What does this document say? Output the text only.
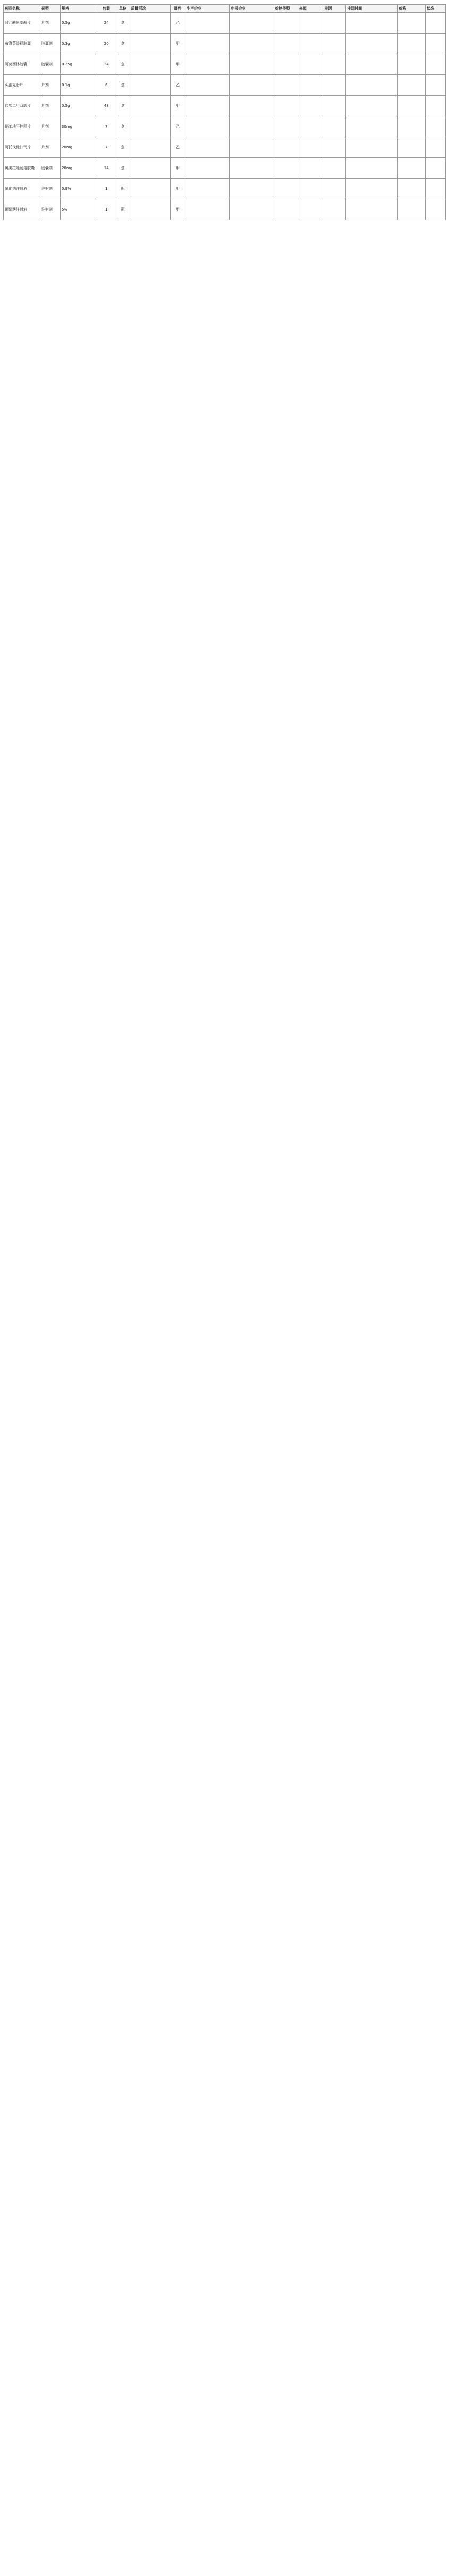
药品名称	剂型	规格	包装	单位	质量层次	属性	生产企业	申报企业	价格类型	来源	挂网	挂网时间	价格	状态
对乙酰氨基酚片	片剂	0.5g	24	盒		乙								
布洛芬缓释胶囊	胶囊剂	0.3g	20	盒		甲								
阿莫西林胶囊	胶囊剂	0.25g	24	盒		甲								
头孢克肟片	片剂	0.1g	6	盒		乙								
盐酸二甲双胍片	片剂	0.5g	48	盒		甲								
硝苯地平控释片	片剂	30mg	7	盒		乙								
阿托伐他汀钙片	片剂	20mg	7	盒		乙								
奥美拉唑肠溶胶囊	胶囊剂	20mg	14	盒		甲								
氯化钠注射液	注射剂	0.9%	1	瓶		甲								
葡萄糖注射液	注射剂	5%	1	瓶		甲								
